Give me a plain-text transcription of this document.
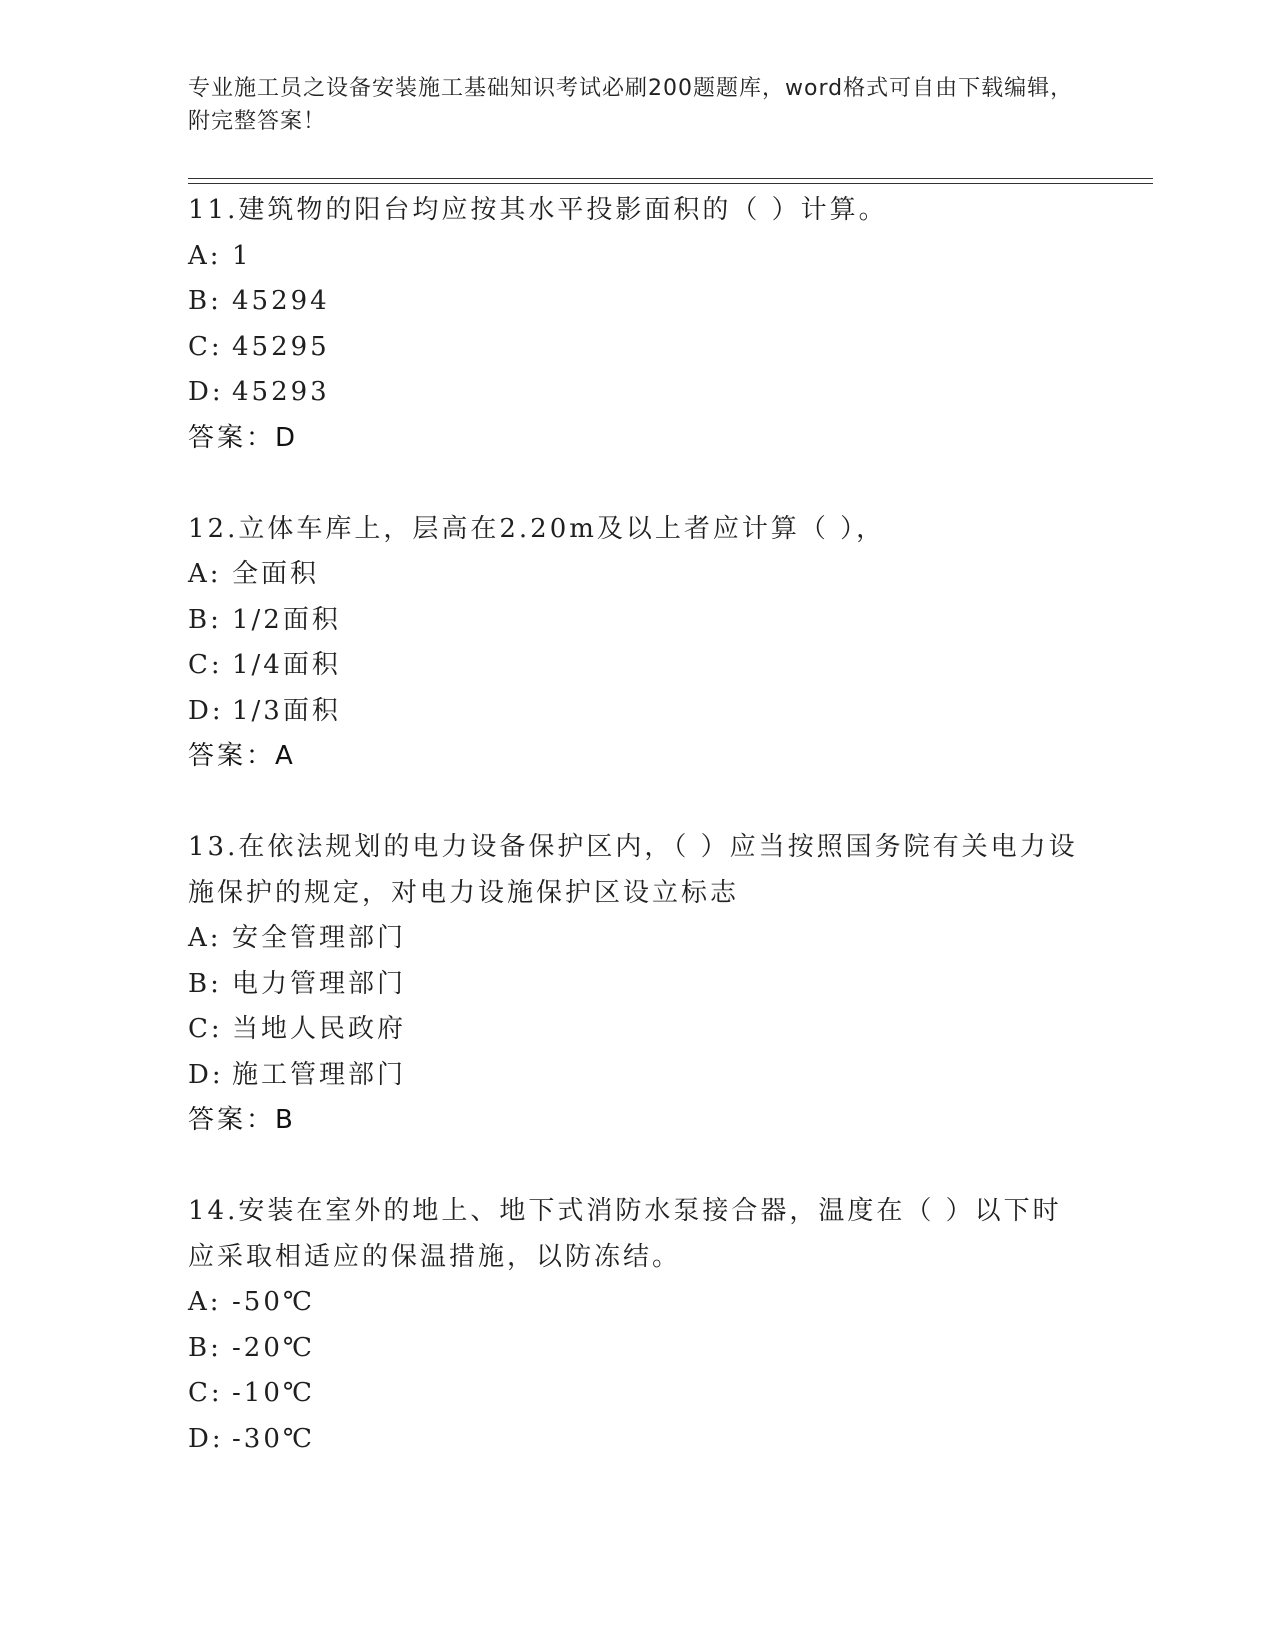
专业施工员之设备安装施工基础知识考试必刷200题题库，word格式可自由下载编辑，附完整答案！
11.建筑物的阳台均应按其水平投影面积的（ ）计算。
A: 1
B: 45294
C: 45295
D: 45293
答案：D
12.立体车库上，层高在2.20m及以上者应计算（ ），
A: 全面积
B: 1/2面积
C: 1/4面积
D: 1/3面积
答案：A
13.在依法规划的电力设备保护区内，（ ）应当按照国务院有关电力设施保护的规定，对电力设施保护区设立标志
A: 安全管理部门
B: 电力管理部门
C: 当地人民政府
D: 施工管理部门
答案：B
14.安装在室外的地上、地下式消防水泵接合器，温度在（ ）以下时应采取相适应的保温措施，以防冻结。
A: -50℃
B: -20℃
C: -10℃
D: -30℃
